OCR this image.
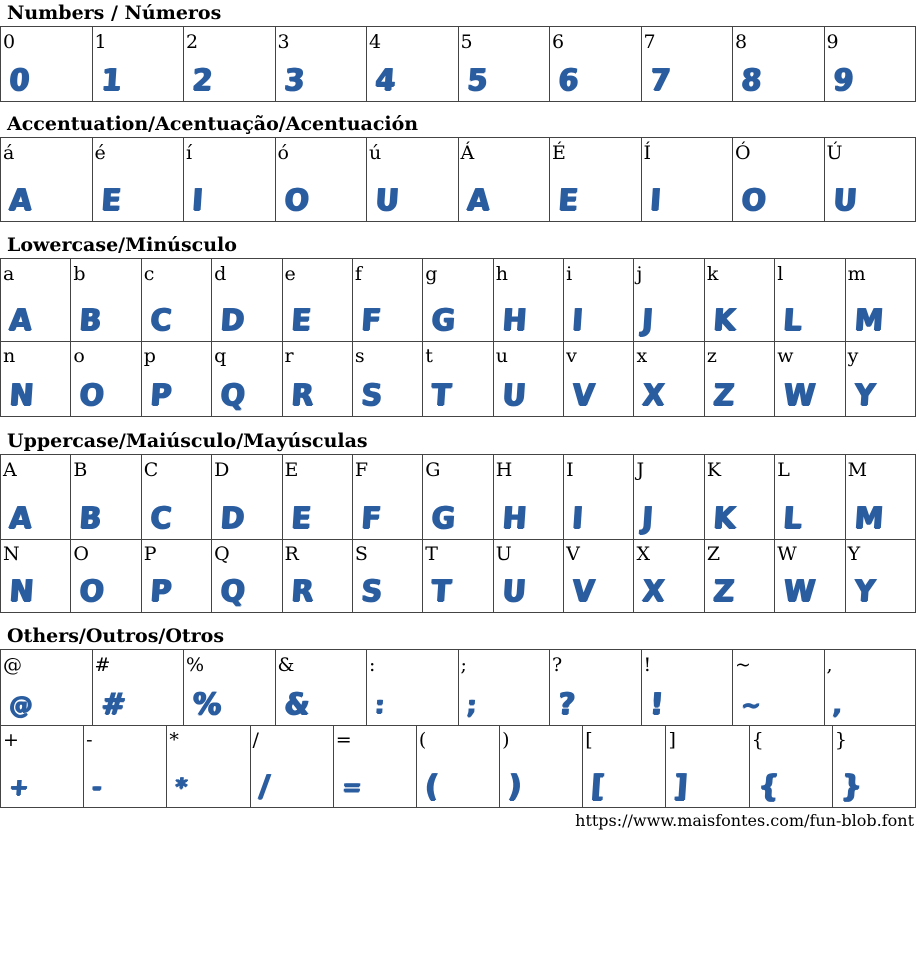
Numbers / Números
0
0
1
1
2
2
3
3
4
4
5
5
6
6
7
7
8
8
9
9
Accentuation/Acentuação/Acentuación
á
A
é
E
í
I
ó
O
ú
U
Á
A
É
E
Í
I
Ó
O
Ú
U
Lowercase/Minúsculo
a
A
b
B
c
C
d
D
e
E
f
F
g
G
h
H
i
I
j
J
k
K
l
L
m
M
n
N
o
O
p
P
q
Q
r
R
s
S
t
T
u
U
v
V
x
X
z
Z
w
W
y
Y
Uppercase/Maiúsculo/Mayúsculas
A
A
B
B
C
C
D
D
E
E
F
F
G
G
H
H
I
I
J
J
K
K
L
L
M
M
N
N
O
O
P
P
Q
Q
R
R
S
S
T
T
U
U
V
V
X
X
Z
Z
W
W
Y
Y
Others/Outros/Otros
@
@
#
#
%
%
&
&
:
:
;
;
?
?
!
!
~
~
,
,
+
+
-
-
*
*
/
/
=
=
(
(
)
)
[
[
]
]
{
{
}
}
https://www.maisfontes.com/fun-blob.font
